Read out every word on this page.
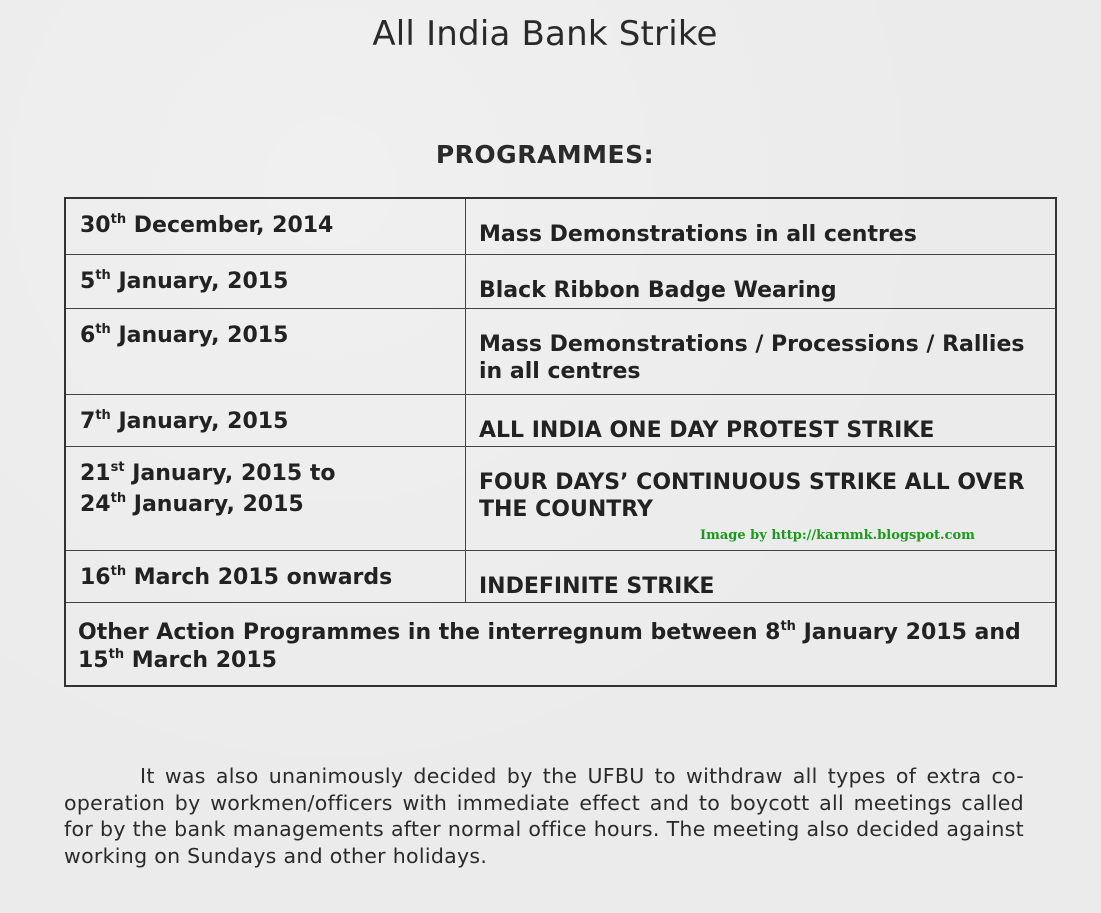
All India Bank Strike
PROGRAMMES:
30th December, 2014	Mass Demonstrations in all centres
5th January, 2015	Black Ribbon Badge Wearing
6th January, 2015	Mass Demonstrations / Processions / Rallies in all centres
7th January, 2015	ALL INDIA ONE DAY PROTEST STRIKE
21st January, 2015 to
24th January, 2015	FOUR DAYS’ CONTINUOUS STRIKE ALL OVER THE COUNTRY
16th March 2015 onwards	INDEFINITE STRIKE
Other Action Programmes in the interregnum between 8th January 2015 and 15th March 2015	
Image by http://karnmk.blogspot.com
It was also unanimously decided by the UFBU to withdraw all types of extra co-operation by workmen/officers with immediate effect and to boycott all meetings called for by the bank managements after normal office hours. The meeting also decided against working on Sundays and other holidays.
